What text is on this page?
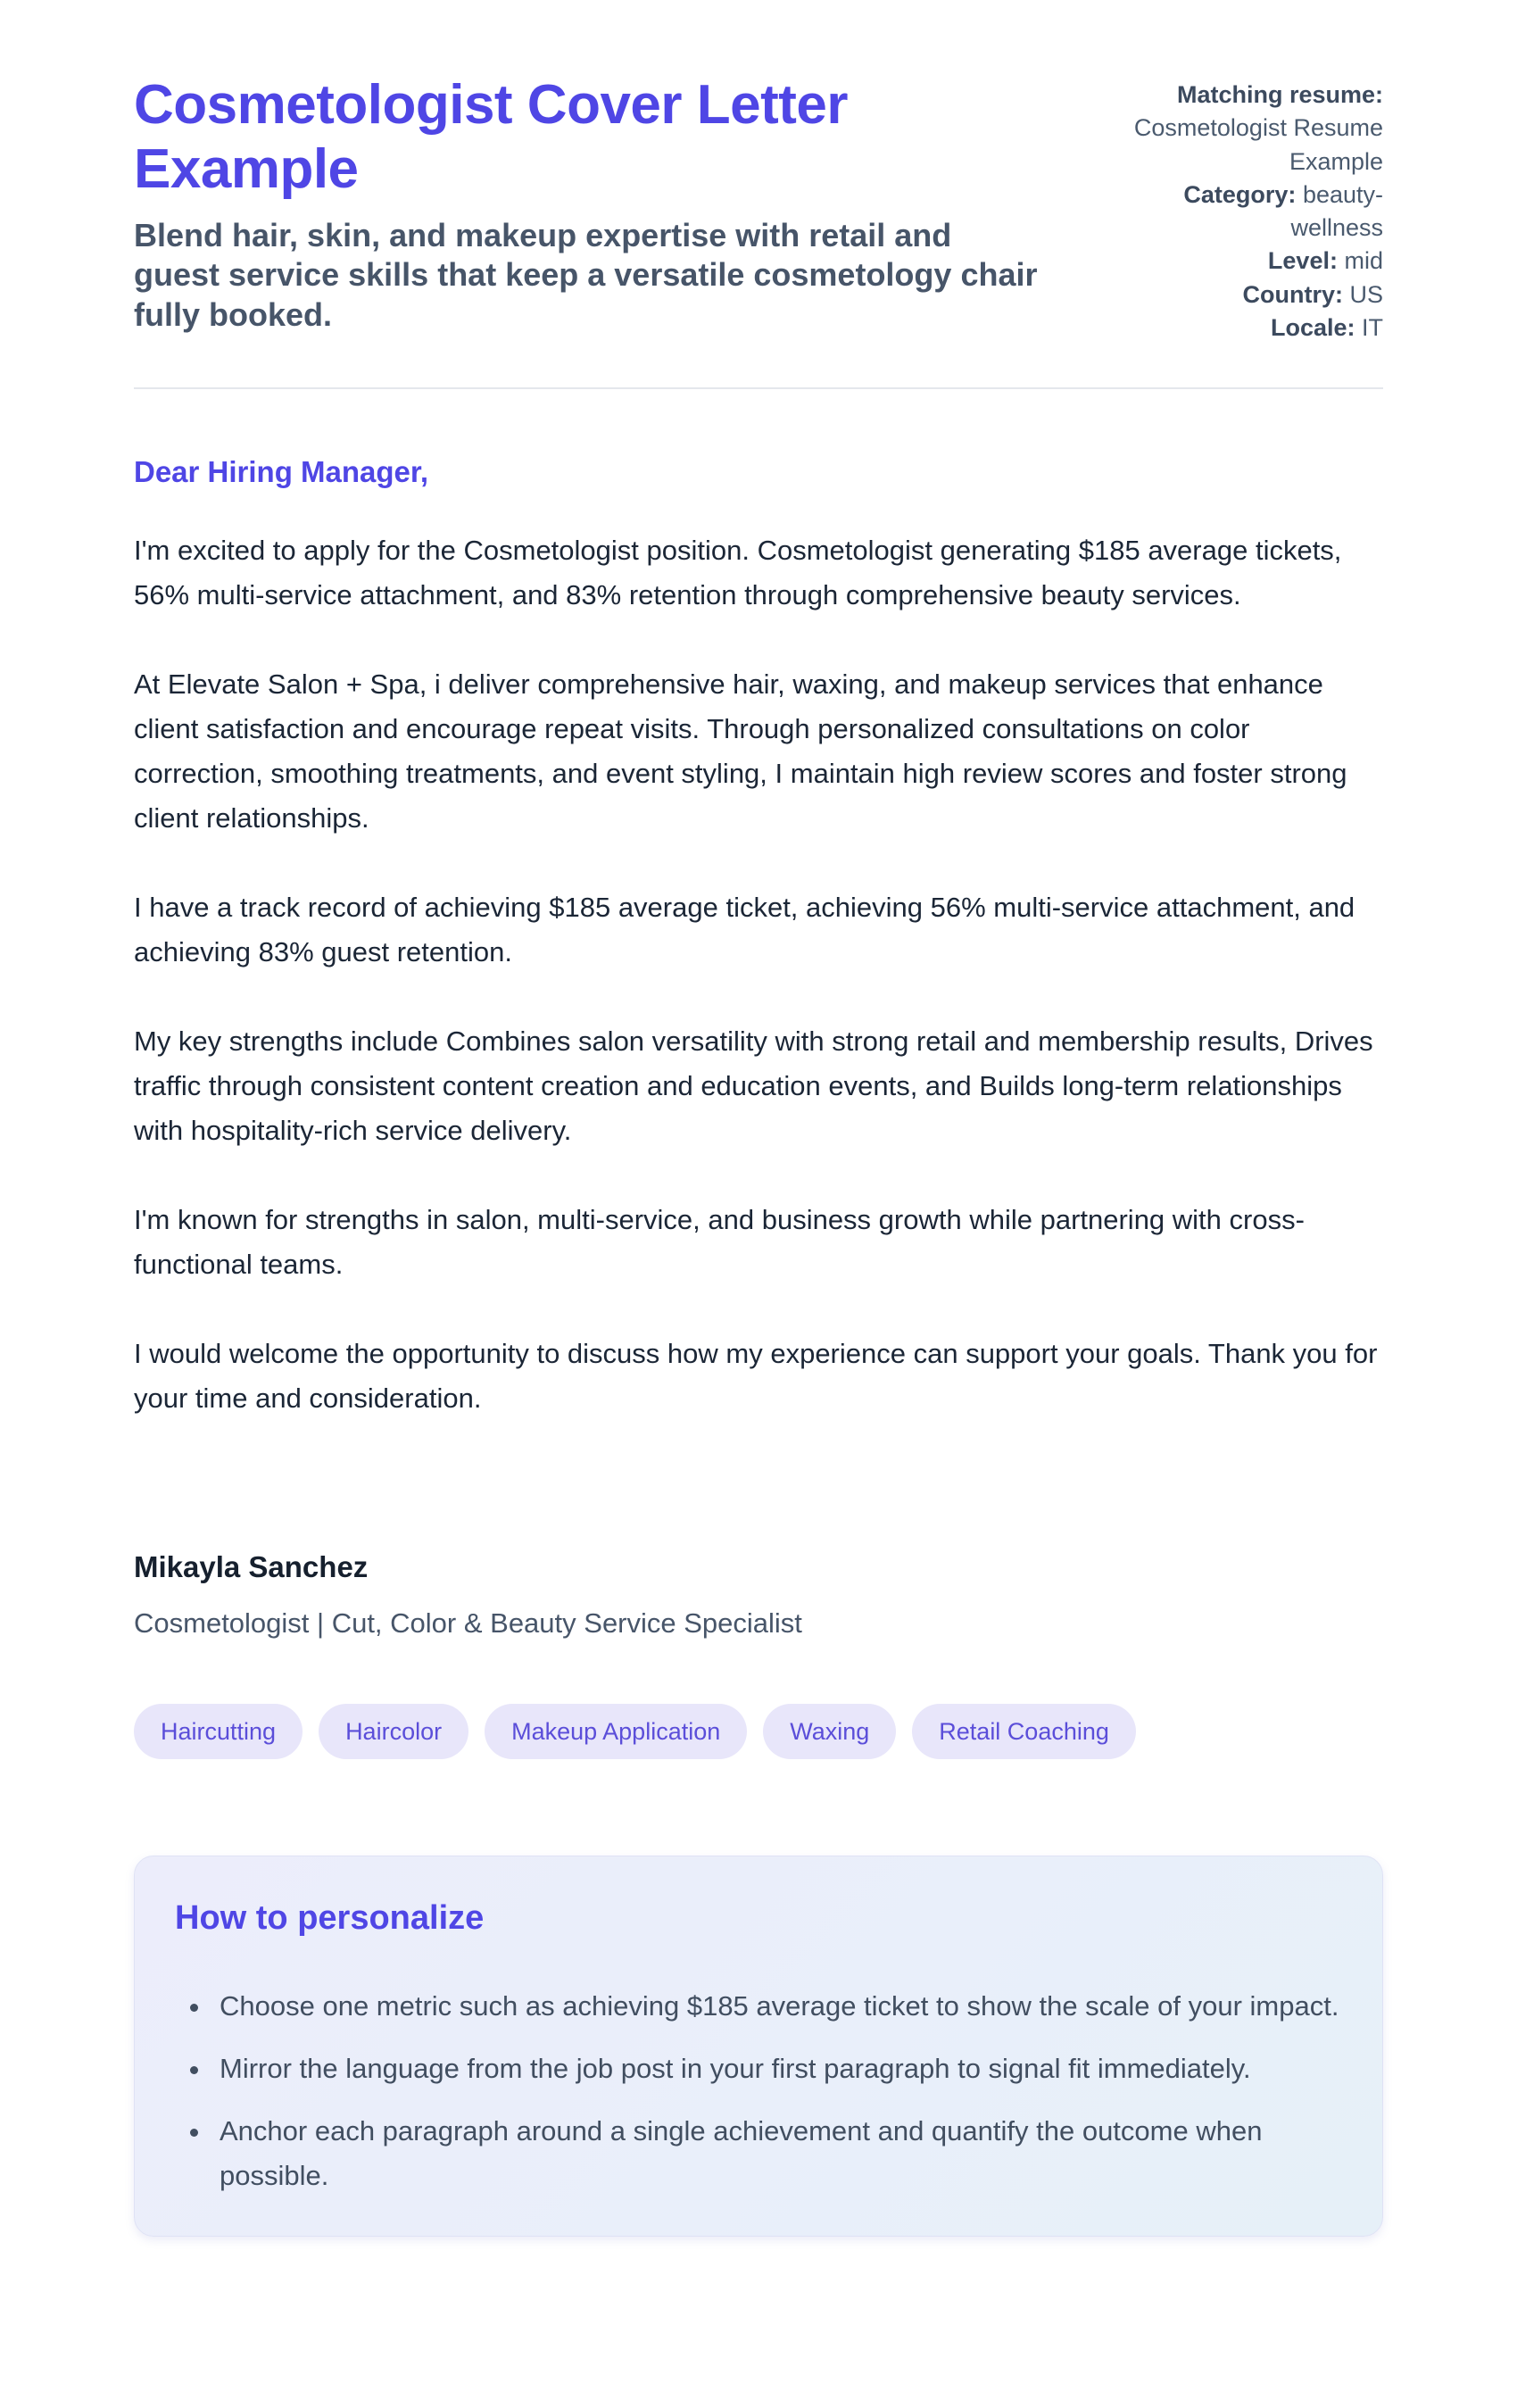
Cosmetologist Cover Letter Example

Blend hair, skin, and makeup expertise with retail and guest service skills that keep a versatile cosmetology chair fully booked.

Matching resume: Cosmetologist Resume Example
Category: beauty-wellness
Level: mid
Country: US
Locale: IT

Dear Hiring Manager,

I'm excited to apply for the Cosmetologist position. Cosmetologist generating $185 average tickets, 56% multi-service attachment, and 83% retention through comprehensive beauty services.

At Elevate Salon + Spa, i deliver comprehensive hair, waxing, and makeup services that enhance client satisfaction and encourage repeat visits. Through personalized consultations on color correction, smoothing treatments, and event styling, I maintain high review scores and foster strong client relationships.

I have a track record of achieving $185 average ticket, achieving 56% multi-service attachment, and achieving 83% guest retention.

My key strengths include Combines salon versatility with strong retail and membership results, Drives traffic through consistent content creation and education events, and Builds long-term relationships with hospitality-rich service delivery.

I'm known for strengths in salon, multi-service, and business growth while partnering with cross-functional teams.

I would welcome the opportunity to discuss how my experience can support your goals. Thank you for your time and consideration.

Mikayla Sanchez

Cosmetologist | Cut, Color & Beauty Service Specialist

Haircutting	Haircolor	Makeup Application	Waxing	Retail Coaching
How to personalize
• Choose one metric such as achieving $185 average ticket to show the scale of your impact.
• Mirror the language from the job post in your first paragraph to signal fit immediately.
• Anchor each paragraph around a single achievement and quantify the outcome when possible.
